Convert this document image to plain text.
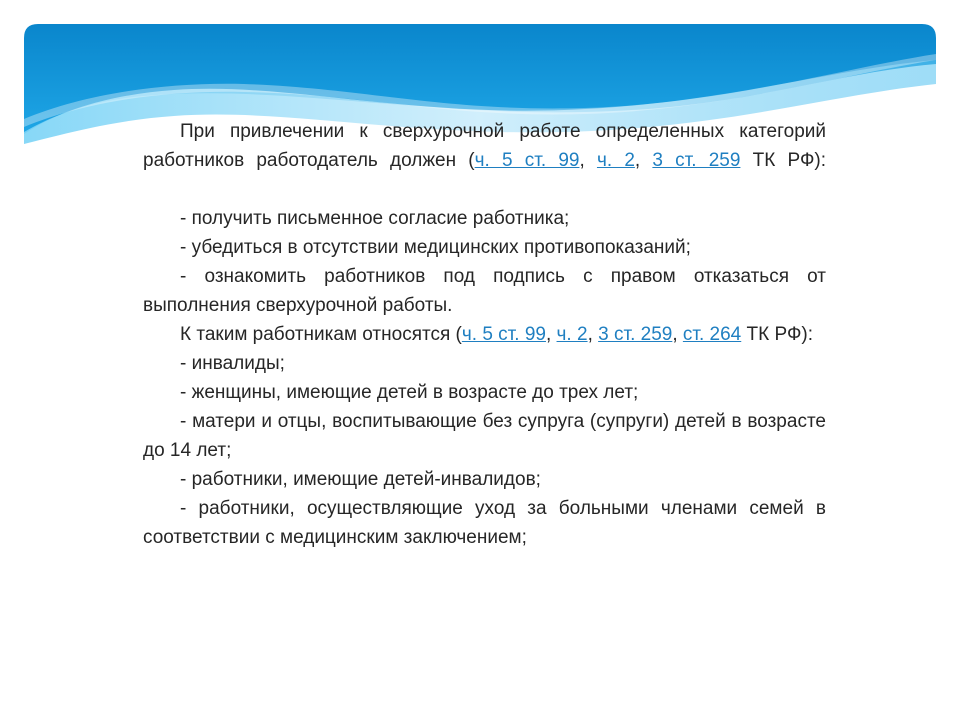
При привлечении к сверхурочной работе определенных категорий работников работодатель должен (ч. 5 ст. 99, ч. 2, 3 ст. 259 ТК РФ):

- получить письменное согласие работника;

- убедиться в отсутствии медицинских противопоказаний;

- ознакомить работников под подпись с правом отказаться от выполнения сверхурочной работы.

К таким работникам относятся (ч. 5 ст. 99, ч. 2, 3 ст. 259, ст. 264 ТК РФ):

- инвалиды;

- женщины, имеющие детей в возрасте до трех лет;

- матери и отцы, воспитывающие без супруга (супруги) детей в возрасте до 14 лет;

- работники, имеющие детей-инвалидов;

- работники, осуществляющие уход за больными членами семей в соответствии с медицинским заключением;
